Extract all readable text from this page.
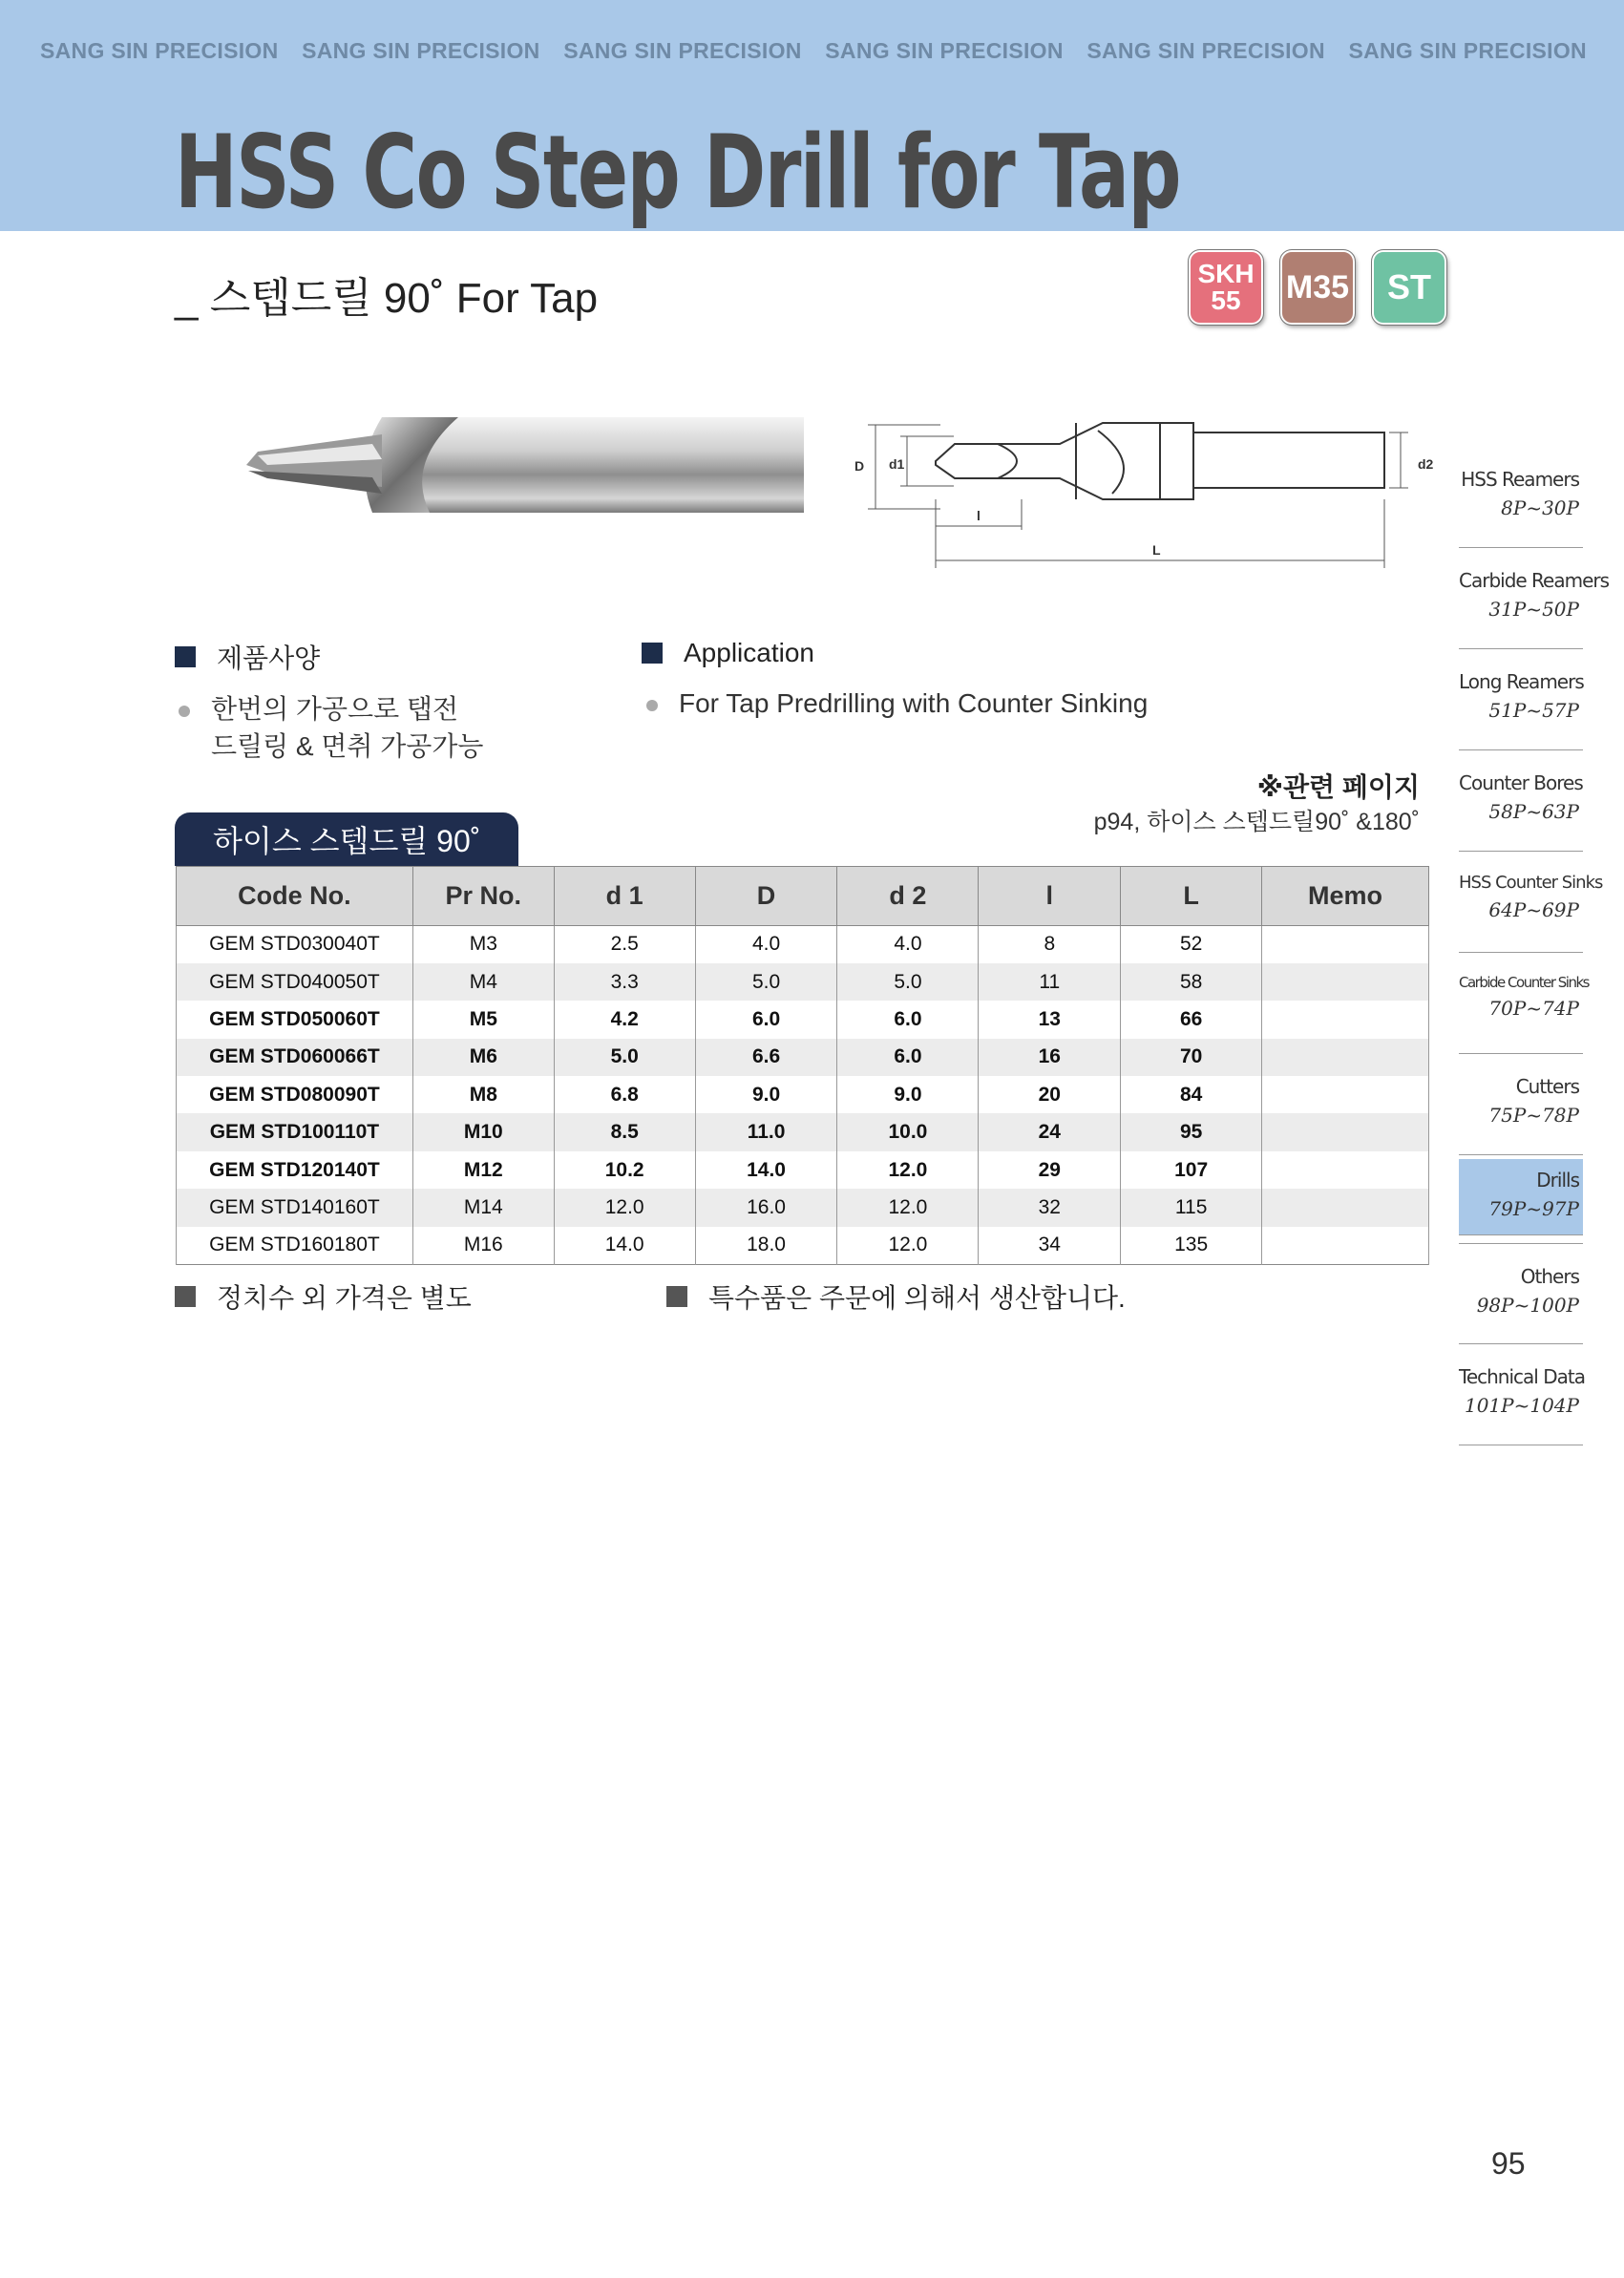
SANG SIN PRECISION SANG SIN PRECISION SANG SIN PRECISION SANG SIN PRECISION SANG SIN PRECISION SANG SIN PRECISION
HSS Co Step Drill for Tap
_ 스텝드릴 90˚ For Tap
SKH 55	M35 ST
D d1	d2
l
L
HSS Reamers
8P~30P
Carbide Reamers
31P~50P
Long Reamers
51P~57P
Counter Bores
58P~63P
HSS Counter Sinks
64P~69P
Carbide Counter Sinks
70P~74P
Cutters
75P~78P
Drills
79P~97P
Others
98P~100P
Technical Data
101P~104P
제품사양
한번의 가공으로 탭전
드릴링 & 면취 가공가능
Application
For Tap Predrilling with Counter Sinking
※관련 페이지
p94, 하이스 스텝드릴90˚ &180˚
하이스 스텝드릴 90˚
Code No.	Pr No.	d 1	D	d 2	l	L	Memo
GEM STD030040T	M3	2.5	4.0	4.0	8	52	
GEM STD040050T	M4	3.3	5.0	5.0	11	58	
GEM STD050060T	M5	4.2	6.0	6.0	13	66	
GEM STD060066T	M6	5.0	6.6	6.0	16	70	
GEM STD080090T	M8	6.8	9.0	9.0	20	84	
GEM STD100110T	M10	8.5	11.0	10.0	24	95	
GEM STD120140T	M12	10.2	14.0	12.0	29	107	
GEM STD140160T	M14	12.0	16.0	12.0	32	115	
GEM STD160180T	M16	14.0	18.0	12.0	34	135	
정치수 외 가격은 별도	특수품은 주문에 의해서 생산합니다.
95
